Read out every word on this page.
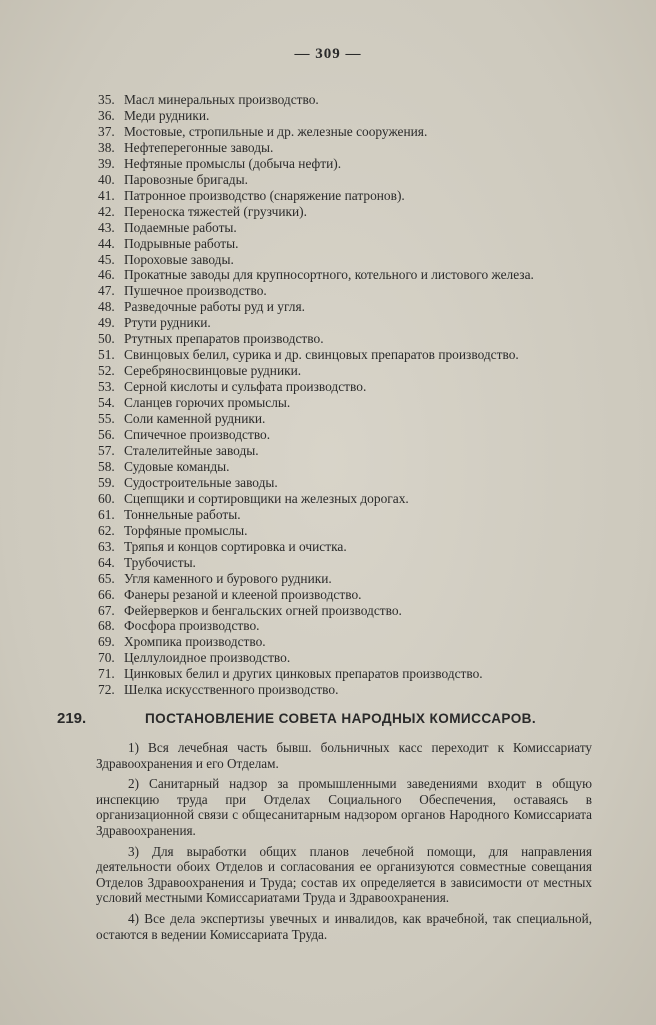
— 309 —
35. Масл минеральных производство.
36. Меди рудники.
37. Мостовые, стропильные и др. железные сооружения.
38. Нефтеперегонные заводы.
39. Нефтяные промыслы (добыча нефти).
40. Паровозные бригады.
41. Патронное производство (снаряжение патронов).
42. Переноска тяжестей (грузчики).
43. Подаемные работы.
44. Подрывные работы.
45. Пороховые заводы.
46. Прокатные заводы для крупносортного, котельного и листового железа.
47. Пушечное производство.
48. Разведочные работы руд и угля.
49. Ртути рудники.
50. Ртутных препаратов производство.
51. Свинцовых белил, сурика и др. свинцовых препаратов производство.
52. Серебряносвинцовые рудники.
53. Серной кислоты и сульфата производство.
54. Сланцев горючих промыслы.
55. Соли каменной рудники.
56. Спичечное производство.
57. Сталелитейные заводы.
58. Судовые команды.
59. Судостроительные заводы.
60. Сцепщики и сортировщики на железных дорогах.
61. Тоннельные работы.
62. Торфяные промыслы.
63. Тряпья и концов сортировка и очистка.
64. Трубочисты.
65. Угля каменного и бурового рудники.
66. Фанеры резаной и клееной производство.
67. Фейерверков и бенгальских огней производство.
68. Фосфора производство.
69. Хромпика производство.
70. Целлулоидное производство.
71. Цинковых белил и других цинковых препаратов производство.
72. Шелка искусственного производство.
219.	ПОСТАНОВЛЕНИЕ СОВЕТА НАРОДНЫХ КОМИССАРОВ.

1) Вся лечебная часть бывш. больничных касс переходит к Комиссариату Здравоохранения и его Отделам.

2) Санитарный надзор за промышленными заведениями входит в общую инспекцию труда при Отделах Социального Обеспечения, оставаясь в организационной связи с общесанитарным надзором органов Народного Комиссариата Здравоохранения.

3) Для выработки общих планов лечебной помощи, для направления деятельности обоих Отделов и согласования ее организуются совместные совещания Отделов Здравоохранения и Труда; состав их определяется в зависимости от местных условий местными Комиссариатами Труда и Здравоохранения.

4) Все дела экспертизы увечных и инвалидов, как врачебной, так специальной, остаются в ведении Комиссариата Труда.
